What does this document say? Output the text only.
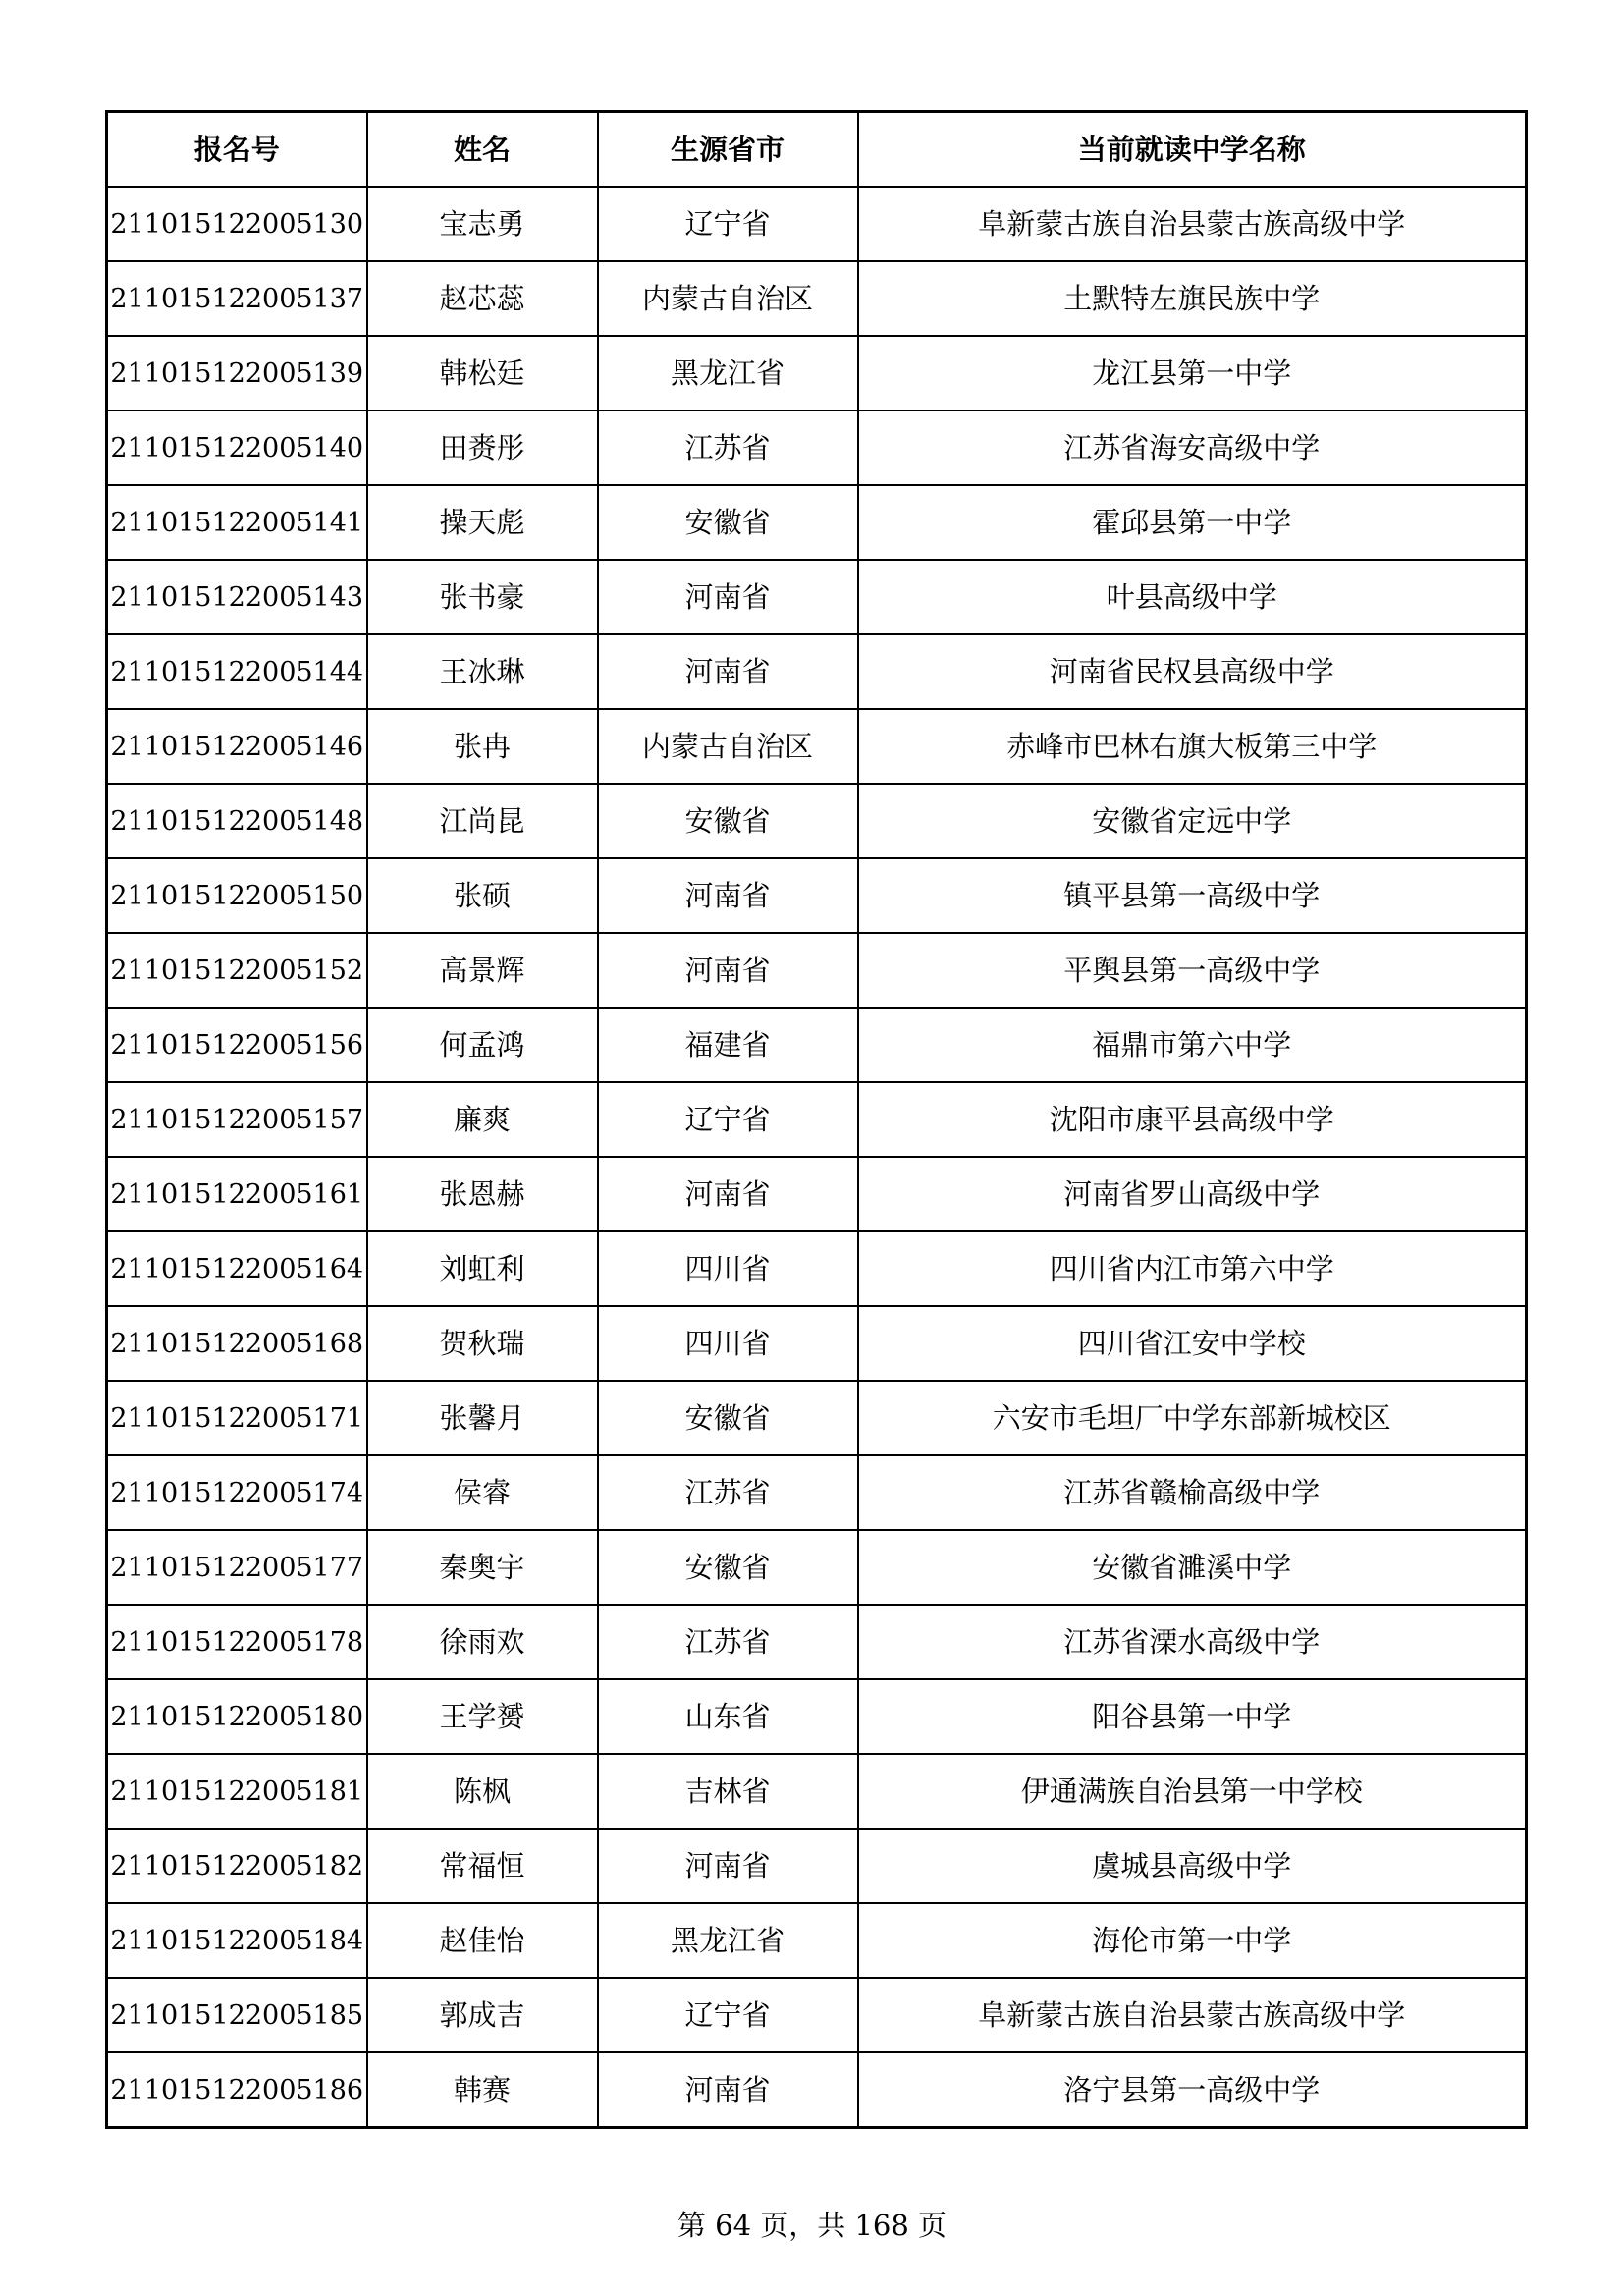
报名号	姓名	生源省市	当前就读中学名称
211015122005130	宝志勇	辽宁省	阜新蒙古族自治县蒙古族高级中学
211015122005137	赵芯蕊	内蒙古自治区	土默特左旗民族中学
211015122005139	韩松廷	黑龙江省	龙江县第一中学
211015122005140	田赉彤	江苏省	江苏省海安高级中学
211015122005141	操天彪	安徽省	霍邱县第一中学
211015122005143	张书豪	河南省	叶县高级中学
211015122005144	王冰琳	河南省	河南省民权县高级中学
211015122005146	张冉	内蒙古自治区	赤峰市巴林右旗大板第三中学
211015122005148	江尚昆	安徽省	安徽省定远中学
211015122005150	张硕	河南省	镇平县第一高级中学
211015122005152	高景辉	河南省	平舆县第一高级中学
211015122005156	何孟鸿	福建省	福鼎市第六中学
211015122005157	廉爽	辽宁省	沈阳市康平县高级中学
211015122005161	张恩赫	河南省	河南省罗山高级中学
211015122005164	刘虹利	四川省	四川省内江市第六中学
211015122005168	贺秋瑞	四川省	四川省江安中学校
211015122005171	张馨月	安徽省	六安市毛坦厂中学东部新城校区
211015122005174	侯睿	江苏省	江苏省赣榆高级中学
211015122005177	秦奥宇	安徽省	安徽省濉溪中学
211015122005178	徐雨欢	江苏省	江苏省溧水高级中学
211015122005180	王学赟	山东省	阳谷县第一中学
211015122005181	陈枫	吉林省	伊通满族自治县第一中学校
211015122005182	常福恒	河南省	虞城县高级中学
211015122005184	赵佳怡	黑龙江省	海伦市第一中学
211015122005185	郭成吉	辽宁省	阜新蒙古族自治县蒙古族高级中学
211015122005186	韩赛	河南省	洛宁县第一高级中学
第 64 页，共 168 页
